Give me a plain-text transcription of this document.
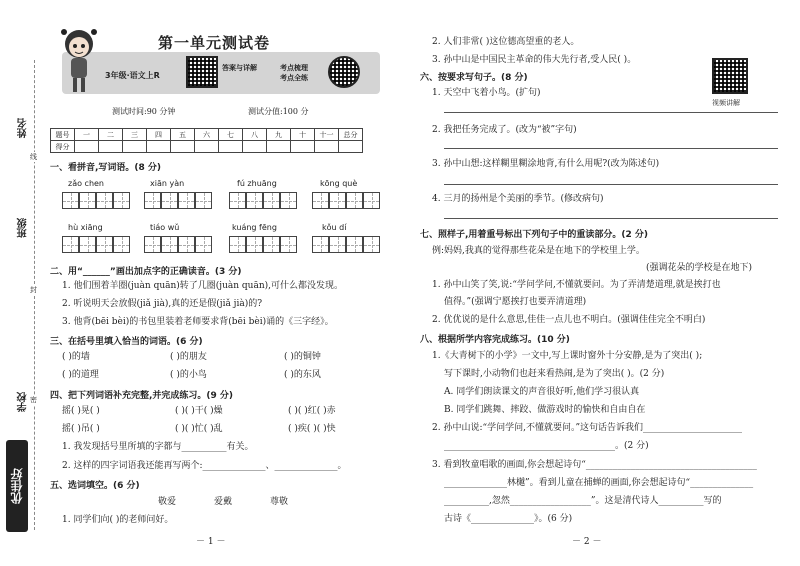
线
封
密
姓名
班级
学校
优佳好
第一单元测试卷
3年级·语文上R
答案与详解	考点梳理
考点全练
测试时间:90 分钟	测试分值:100 分
题号	一	二	三	四	五	六	七	八	九	十	十一	总分
得分												
一、看拼音,写词语。(8 分)
zǎo chen	xiān yàn	fú zhuāng	kōng què
hù xiāng	tiáo wǔ	kuáng fēng	kǒu dí
二、用“______”画出加点字的正确读音。(3 分)
1. 他们围着羊圈(juàn quān)转了几圈(juàn quān),可什么都没发现。
2. 听说明天会放假(jiǎ jià),真的还是假(jiǎ jià)的?
3. 他背(bēi bèi)的书包里装着老师要求背(bēi bèi)诵的《三字经》。
三、在括号里填入恰当的词语。(6 分)
( )的墙	( )的朋友	( )的铜钟
( )的道理	( )的小鸟	( )的东风
四、把下列词语补充完整,并完成练习。(9 分)
摇( )晃( )	( )( )干( )燥	( )( )红( )赤
摇( )吊( )	( )( )忙( )乱	( )疾( )( )快
1. 我发现括号里所填的字都与__________有关。
2. 这样的四字词语我还能再写两个:______________、______________。
五、选词填空。(6 分)
敬爱	爱戴	尊敬
1. 同学们向( )的老师问好。
－ 1 －
2. 人们非常( )这位德高望重的老人。
3. 孙中山是中国民主革命的伟大先行者,受人民( )。
视频讲解
六、按要求写句子。(8 分)
1. 天空中飞着小鸟。(扩句)
2. 我把任务完成了。(改为“被”字句)
3. 孙中山想:这样糊里糊涂地背,有什么用呢?(改为陈述句)
4. 三月的扬州是个美丽的季节。(修改病句)
七、照样子,用着重号标出下列句子中的重读部分。(2 分)
例:妈妈,我真的觉得那些花朵是在地下的学校里上学。
(强调花朵的学校是在地下)
1. 孙中山笑了笑,说:“学问学问,不懂就要问。为了弄清楚道理,就是挨打也
值得。”(强调宁愿挨打也要弄清道理)
2. 优优说的是什么意思,佳佳一点儿也不明白。(强调佳佳完全不明白)
八、根据所学内容完成练习。(10 分)
1.《大青树下的小学》一文中,写上课时窗外十分安静,是为了突出( );
写下课时,小动物们也赶来看热闹,是为了突出( )。(2 分)
A. 同学们朗读课文的声音很好听,他们学习很认真
B. 同学们跳舞、摔跤、做游戏时的愉快和自由自在
2. 孙中山说:“学问学问,不懂就要问。”这句话告诉我们______________________
______________________________________。(2 分)
3. 看到牧童唱歌的画面,你会想起诗句“______________________________________
______________林樾”。看到儿童在捕蝉的画面,你会想起诗句“______________
__________,忽然__________________”。这是清代诗人__________写的
古诗《______________》。(6 分)
－ 2 －
